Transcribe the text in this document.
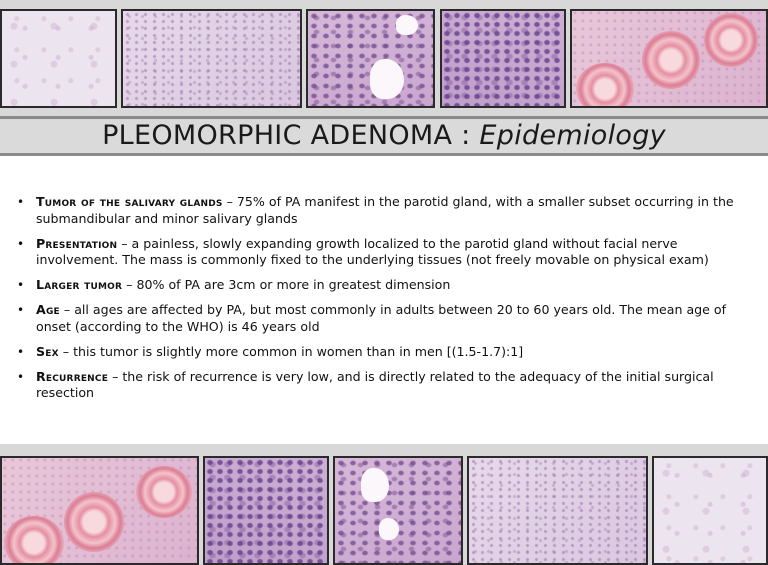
PLEOMORPHIC ADENOMA : Epidemiology
• Tumor of the salivary glands – 75% of PA manifest in the parotid gland, with a smaller subset occurring in the submandibular and minor salivary glands
• Presentation – a painless, slowly expanding growth localized to the parotid gland without facial nerve involvement. The mass is commonly fixed to the underlying tissues (not freely movable on physical exam)
• Larger tumor – 80% of PA are 3cm or more in greatest dimension
• Age – all ages are affected by PA, but most commonly in adults between 20 to 60 years old. The mean age of onset (according to the WHO) is 46 years old
• Sex – this tumor is slightly more common in women than in men [(1.5-1.7):1]
• Recurrence – the risk of recurrence is very low, and is directly related to the adequacy of the initial surgical resection
